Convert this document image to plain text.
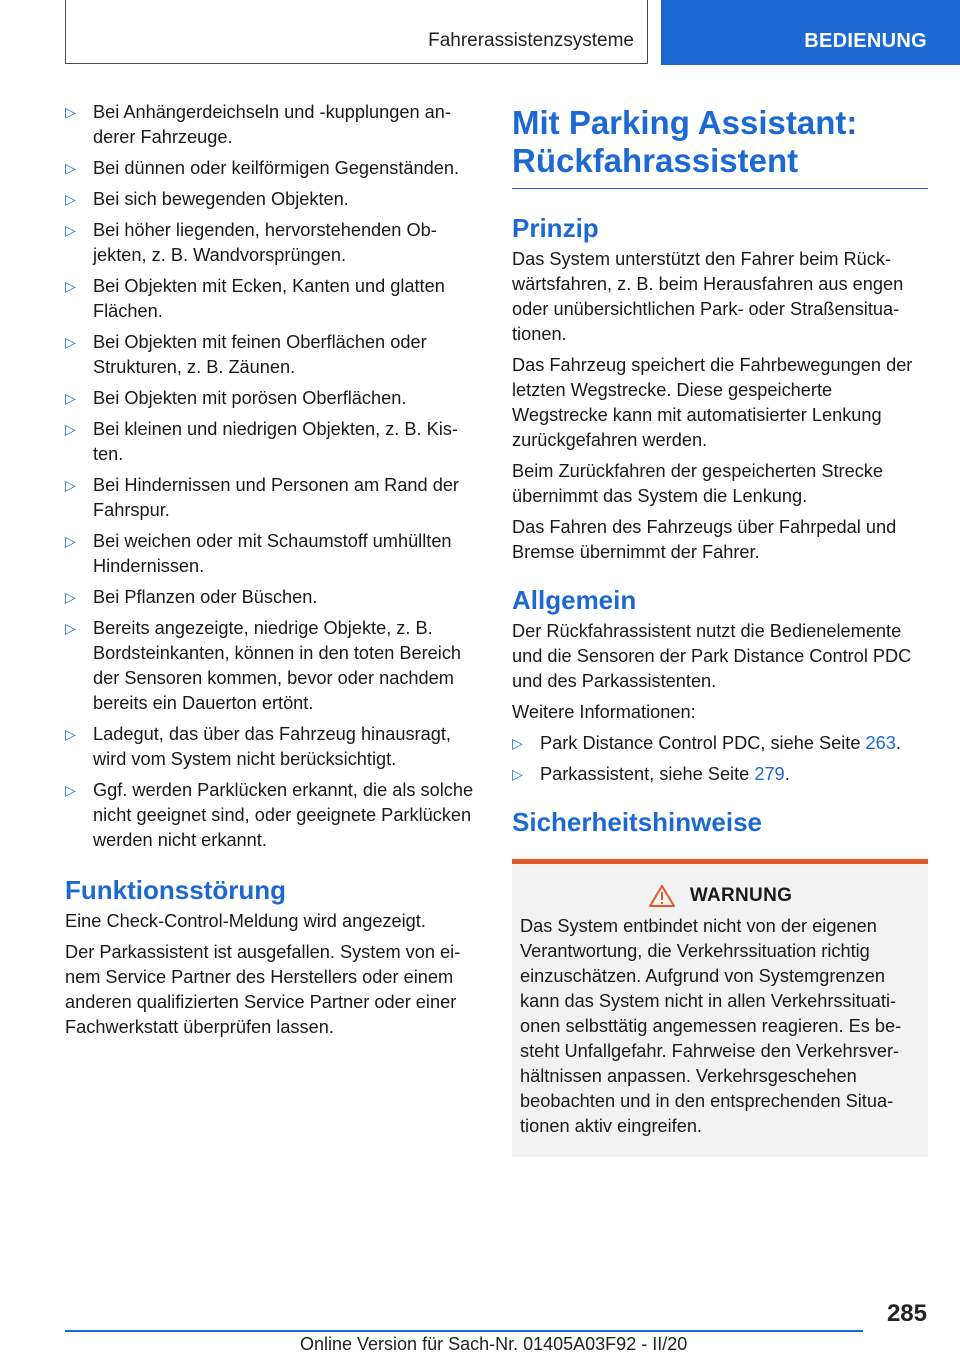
Fahrerassistenzsysteme	BEDIENUNG
▷ Bei Anhängerdeichseln und -kupplungen anderer Fahrzeuge.
▷ Bei dünnen oder keilförmigen Gegenständen.
▷ Bei sich bewegenden Objekten.
▷ Bei höher liegenden, hervorstehenden Objekten, z. B. Wandvorsprüngen.
▷ Bei Objekten mit Ecken, Kanten und glatten Flächen.
▷ Bei Objekten mit feinen Oberflächen oder Strukturen, z. B. Zäunen.
▷ Bei Objekten mit porösen Oberflächen.
▷ Bei kleinen und niedrigen Objekten, z. B. Kisten.
▷ Bei Hindernissen und Personen am Rand der Fahrspur.
▷ Bei weichen oder mit Schaumstoff umhüllten Hindernissen.
▷ Bei Pflanzen oder Büschen.
▷ Bereits angezeigte, niedrige Objekte, z. B. Bordsteinkanten, können in den toten Bereich der Sensoren kommen, bevor oder nachdem bereits ein Dauerton ertönt.
▷ Ladegut, das über das Fahrzeug hinausragt, wird vom System nicht berücksichtigt.
▷ Ggf. werden Parklücken erkannt, die als solche nicht geeignet sind, oder geeignete Parklücken werden nicht erkannt.
Funktionsstörung

Eine Check-Control-Meldung wird angezeigt.

Der Parkassistent ist ausgefallen. System von einem Service Partner des Herstellers oder einem anderen qualifizierten Service Partner oder einer Fachwerkstatt überprüfen lassen.

Mit Parking Assistant: Rückfahrassistent
Prinzip

Das System unterstützt den Fahrer beim Rückwärtsfahren, z. B. beim Herausfahren aus engen oder unübersichtlichen Park- oder Straßensituationen.

Das Fahrzeug speichert die Fahrbewegungen der letzten Wegstrecke. Diese gespeicherte Wegstrecke kann mit automatisierter Lenkung zurückgefahren werden.

Beim Zurückfahren der gespeicherten Strecke übernimmt das System die Lenkung.

Das Fahren des Fahrzeugs über Fahrpedal und Bremse übernimmt der Fahrer.

Allgemein

Der Rückfahrassistent nutzt die Bedienelemente und die Sensoren der Park Distance Control PDC und des Parkassistenten.

Weitere Informationen:

▷ Park Distance Control PDC, siehe Seite 263.
▷ Parkassistent, siehe Seite 279.
Sicherheitshinweise
WARNUNG

Das System entbindet nicht von der eigenen Verantwortung, die Verkehrssituation richtig einzuschätzen. Aufgrund von Systemgrenzen kann das System nicht in allen Verkehrssituationen selbsttätig angemessen reagieren. Es besteht Unfallgefahr. Fahrweise den Verkehrsverhältnissen anpassen. Verkehrsgeschehen beobachten und in den entsprechenden Situationen aktiv eingreifen.

285
Online Version für Sach-Nr. 01405A03F92 - II/20
